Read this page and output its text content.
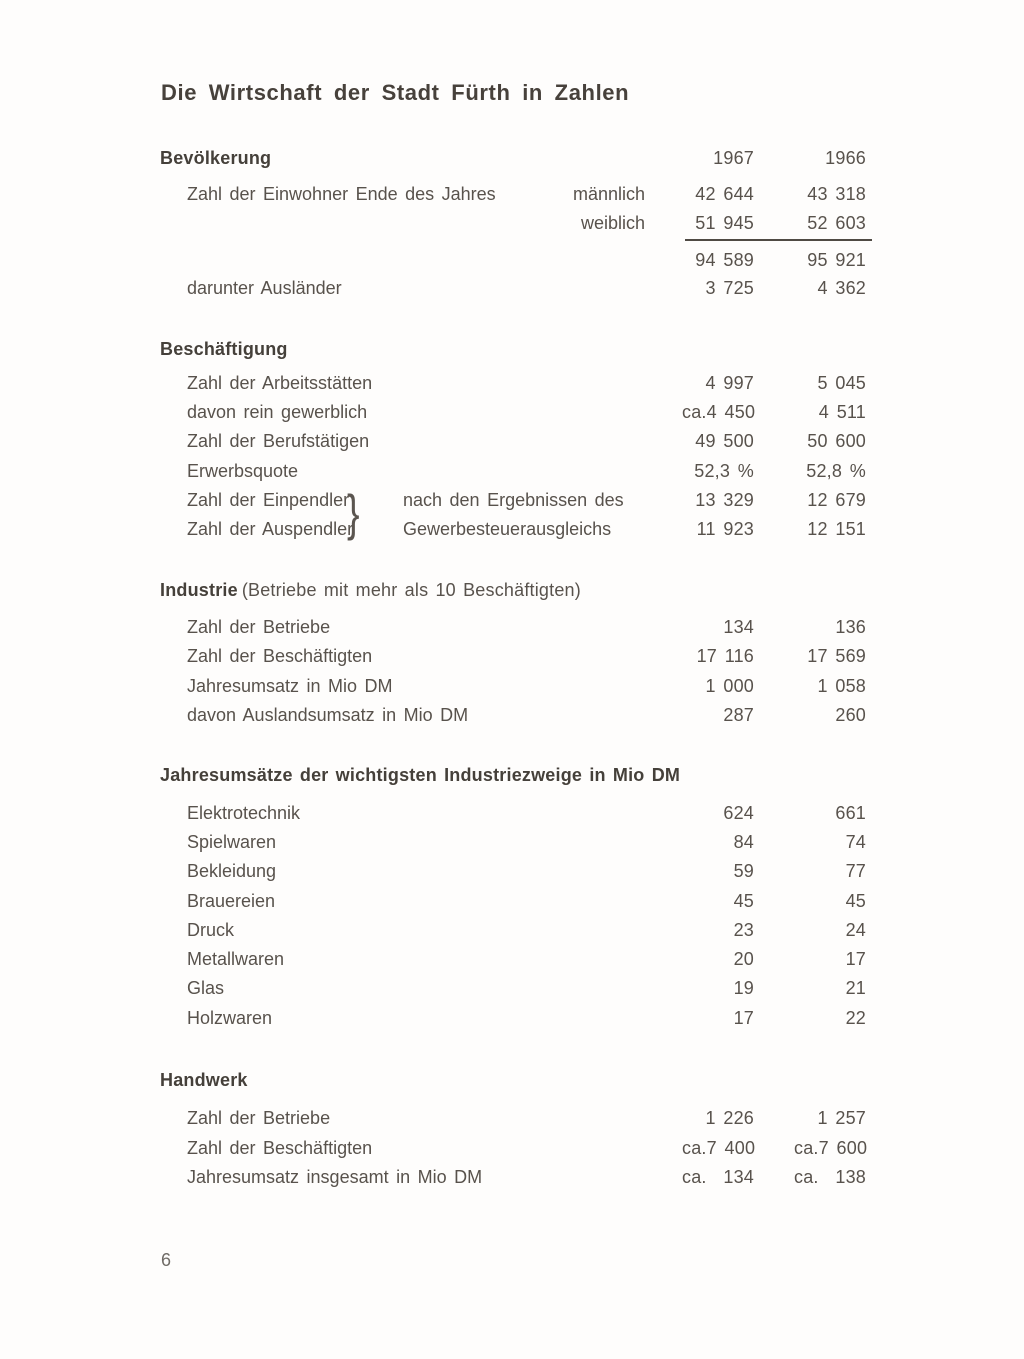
Die Wirtschaft der Stadt Fürth in Zahlen
Bevölkerung	1967	1966
Zahl der Einwohner Ende des Jahres	männlich	42 644	43 318
weiblich	51 945	52 603
94 589	95 921
darunter Ausländer	3 725	4 362
Beschäftigung
Zahl der Arbeitsstätten	4 997	5 045
davon rein gewerblich	ca. 4 450	4 511
Zahl der Berufstätigen	49 500	50 600
Erwerbsquote	52,3 %	52,8 %
Zahl der Einpendler	nach den Ergebnissen des	13 329	12 679
Zahl der Auspendler	Gewerbesteuerausgleichs	11 923	12 151
}
Industrie (Betriebe mit mehr als 10 Beschäftigten)
Zahl der Betriebe	134	136
Zahl der Beschäftigten	17 116	17 569
Jahresumsatz in Mio DM	1 000	1 058
davon Auslandsumsatz in Mio DM	287	260
Jahresumsätze der wichtigsten Industriezweige in Mio DM
Elektrotechnik	624	661
Spielwaren	84	74
Bekleidung	59	77
Brauereien	45	45
Druck	23	24
Metallwaren	20	17
Glas	19	21
Holzwaren	17	22
Handwerk
Zahl der Betriebe	1 226	1 257
Zahl der Beschäftigten	ca. 7 400 ca. 7 600
Jahresumsatz insgesamt in Mio DM	ca. 134 ca. 138
6
